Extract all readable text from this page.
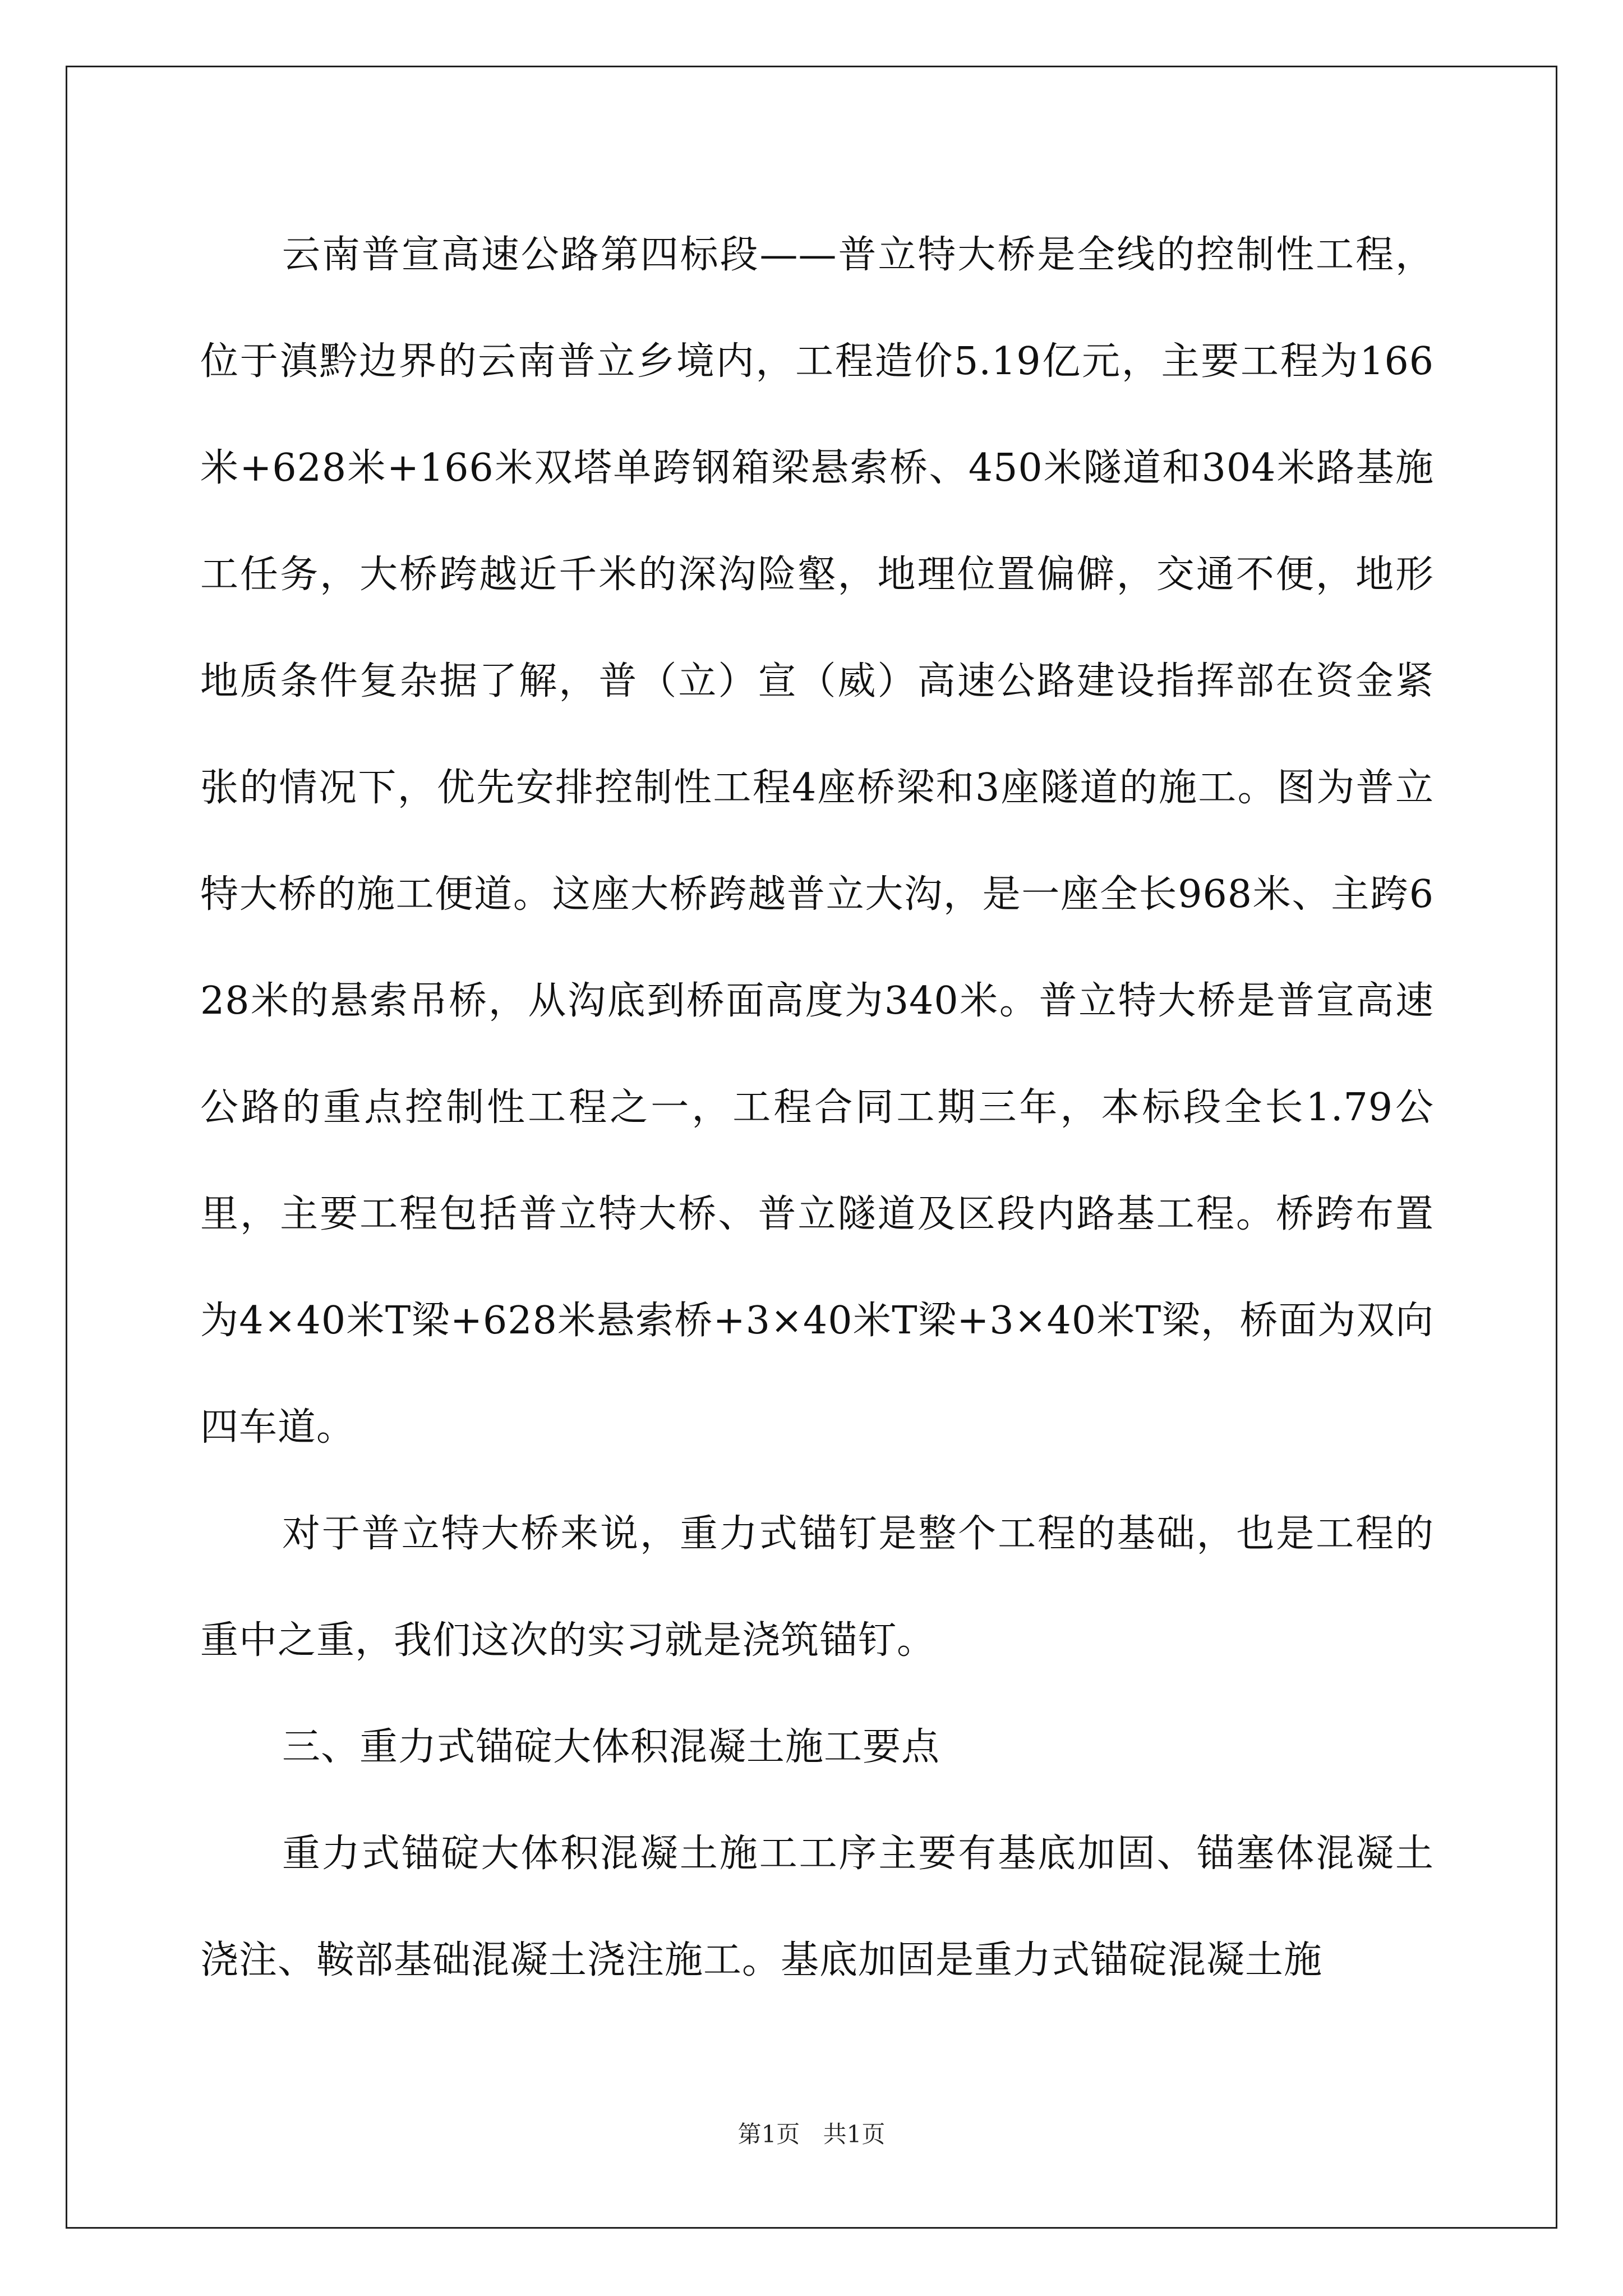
云南普宣高速公路第四标段——普立特大桥是全线的控制性工程，位于滇黔边界的云南普立乡境内，工程造价5.19亿元，主要工程为166米+628米+166米双塔单跨钢箱梁悬索桥、450米隧道和304米路基施工任务，大桥跨越近千米的深沟险壑，地理位置偏僻，交通不便，地形地质条件复杂据了解，普（立）宣（威）高速公路建设指挥部在资金紧张的情况下，优先安排控制性工程4座桥梁和3座隧道的施工。图为普立特大桥的施工便道。这座大桥跨越普立大沟，是一座全长968米、主跨628米的悬索吊桥，从沟底到桥面高度为340米。普立特大桥是普宣高速公路的重点控制性工程之一，工程合同工期三年，本标段全长1.79公里，主要工程包括普立特大桥、普立隧道及区段内路基工程。桥跨布置为4×40米T梁+628米悬索桥+3×40米T梁+3×40米T梁，桥面为双向四车道。

对于普立特大桥来说，重力式锚钉是整个工程的基础，也是工程的重中之重，我们这次的实习就是浇筑锚钉。

三、重力式锚碇大体积混凝土施工要点

重力式锚碇大体积混凝土施工工序主要有基底加固、锚塞体混凝土浇注、鞍部基础混凝土浇注施工。基底加固是重力式锚碇混凝土施

第1页 共1页
